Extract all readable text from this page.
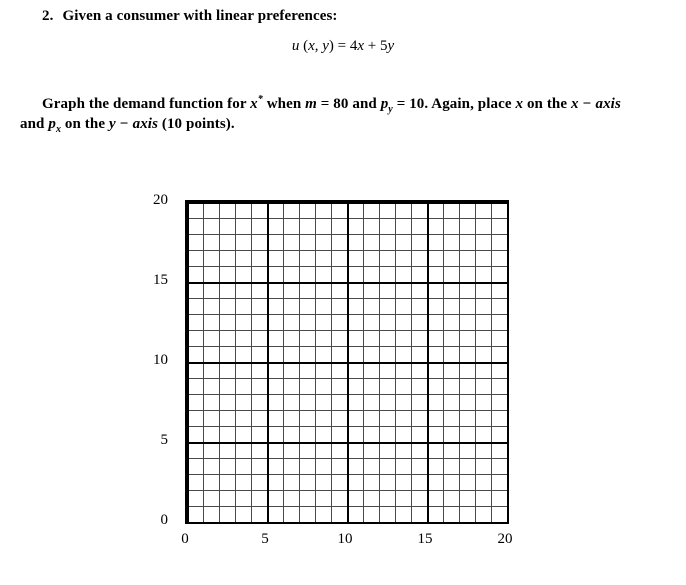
2. Given a consumer with linear preferences:
u (x, y) = 4x + 5y
Graph the demand function for x* when m = 80 and $p_y = 10$. Again, place x on the x − axis
and $p_x$ on the y − axis (10 points).
20
15
10
5
0
0	5	10	15	20
